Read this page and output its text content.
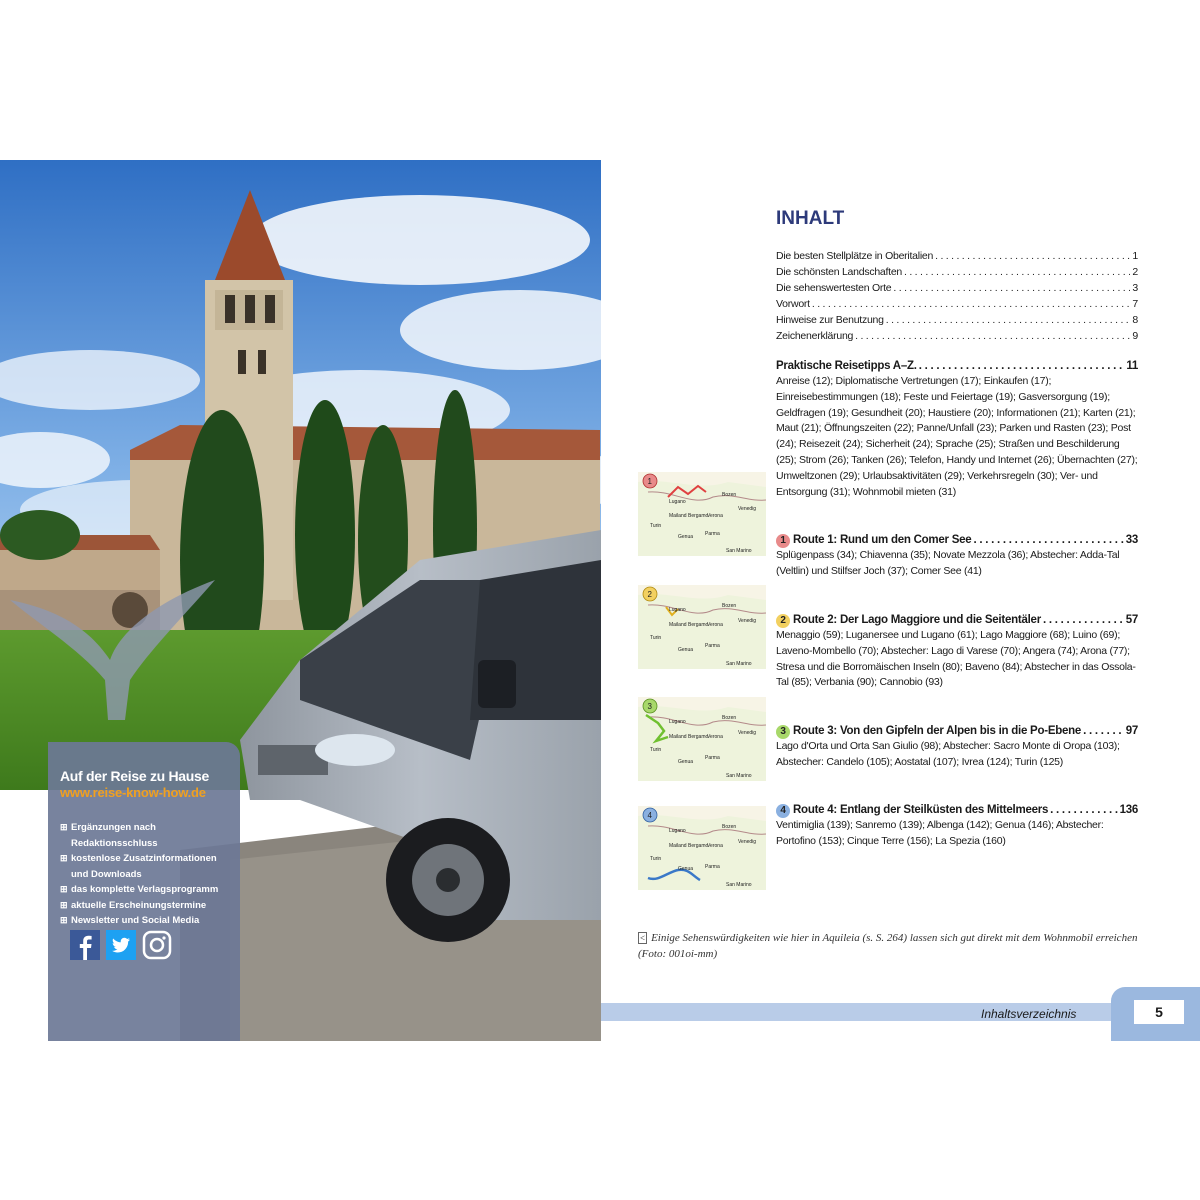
Auf der Reise zu Hause
www.reise-know-how.de
⊞
Ergänzungen nach Redaktionsschluss
⊞
kostenlose Zusatzinformationen
und Downloads
⊞
das komplette Verlagsprogramm
⊞
aktuelle Erscheinungstermine
⊞
Newsletter und Social Media
INHALT
Die besten Stellplätze in Oberitalien . . .	1
Die schönsten Landschaften . . .	2
Die sehenswertesten Orte . . .	3
Vorwort . . .	7
Hinweise zur Benutzung . . .	8
Zeichenerklärung . . .	9
Praktische Reisetipps A–Z. . . .	11
Anreise (12); Diplomatische Vertretungen (17); Einkaufen (17); Einreisebestimmungen (18); Feste und Feiertage (19); Gasversorgung (19); Geldfragen (19); Gesundheit (20); Haustiere (20); Informationen (21); Karten (21); Maut (21); Öffnungszeiten (22); Panne/Unfall (23); Parken und Rasten (23); Post (24); Reisezeit (24); Sicherheit (24); Sprache (25); Straßen und Beschilderung (25); Strom (26); Tanken (26); Telefon, Handy und Internet (26); Übernachten (27); Umweltzonen (29); Urlaubsaktivitäten (29); Verkehrsregeln (30); Ver- und Entsorgung (31); Wohnmobil mieten (31)
Lugano
Bozen
Mailand Bergamo
Verona
Venedig
Turin
Genua Parma
San Marino
1
1 Route 1: Rund um den Comer See . . .	33
Splügenpass (34); Chiavenna (35); Novate Mezzola (36); Abstecher: Adda-Tal (Veltlin) und Stilfser Joch (37); Comer See (41)
Lugano
Bozen
Mailand Bergamo
Verona
Venedig
Turin
Genua
Parma
San Marino
2
2 Route 2: Der Lago Maggiore und die Seitentäler . . .	57
Menaggio (59); Luganersee und Lugano (61); Lago Maggiore (68); Luino (69); Laveno-Mombello (70); Abstecher: Lago di Varese (70); Angera (74); Arona (77); Stresa und die Borromäischen Inseln (80); Baveno (84); Abstecher in das Ossola-Tal (85); Verbania (90); Cannobio (93)
Lugano
Bozen
Mailand Bergamo
Verona
Venedig
Turin
Genua
Parma
San Marino
3
3 Route 3: Von den Gipfeln der Alpen bis in die Po-Ebene . . .	97
Lago d'Orta und Orta San Giulio (98); Abstecher: Sacro Monte di Oropa (103); Abstecher: Candelo (105); Aostatal (107); Ivrea (124); Turin (125)
Lugano
Bozen
Mailand Bergamo
Verona
Venedig
Turin
Genua Parma
San Marino
4	4 Route 4: Entlang der Steilküsten des Mittelmeers . . .	136
Ventimiglia (139); Sanremo (139); Albenga (142); Genua (146); Abstecher: Portofino (153); Cinque Terre (156); La Spezia (160)
< Einige Sehenswürdigkeiten wie hier in Aquileia (s. S. 264) lassen sich gut direkt mit dem Wohnmobil erreichen (Foto: 001oi-mm)
Inhaltsverzeichnis	5
